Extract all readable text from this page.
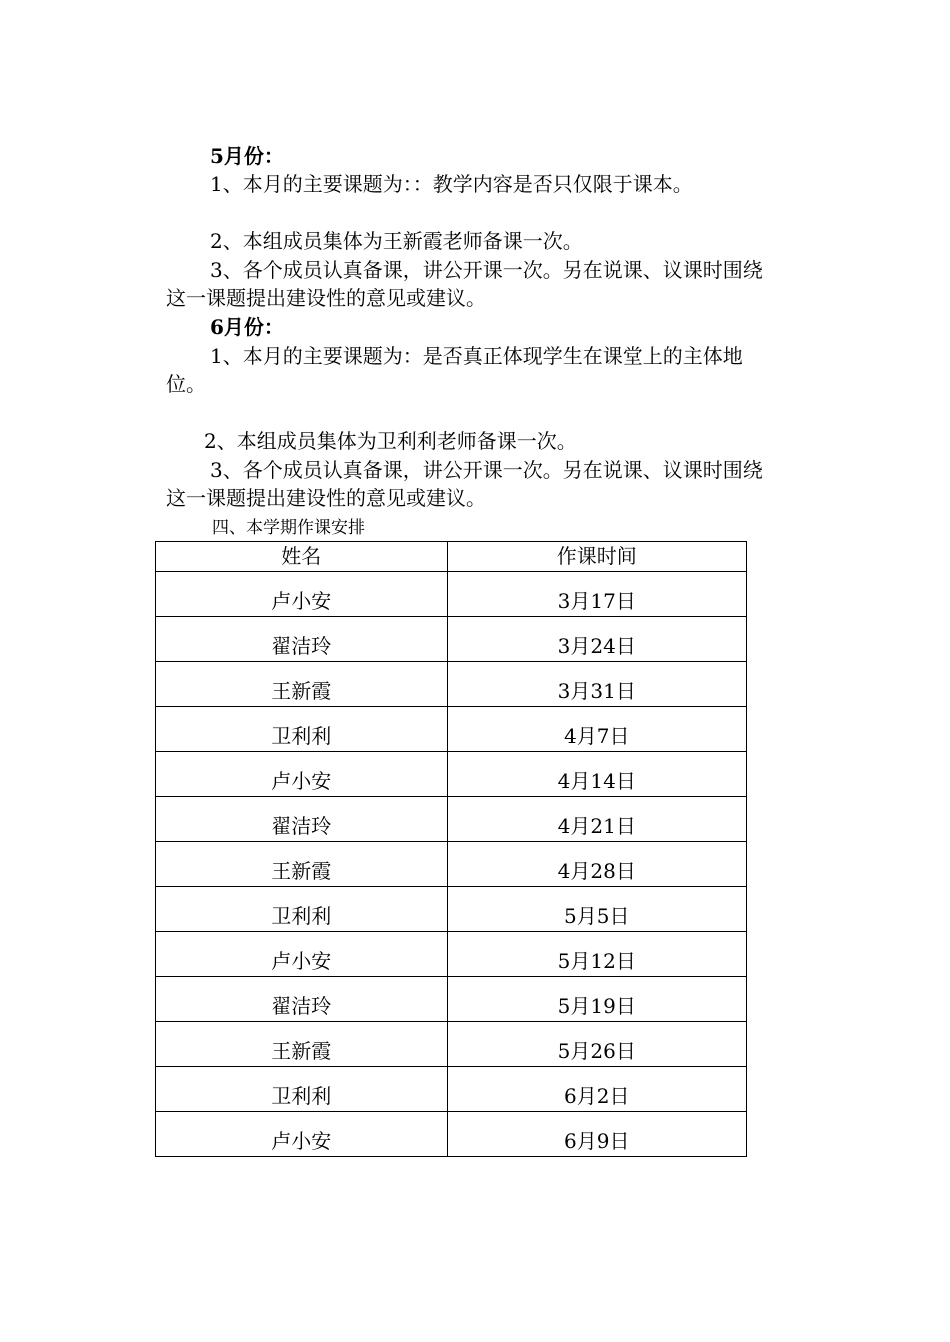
5月份：
1、本月的主要课题为：：教学内容是否只仅限于课本。
2、本组成员集体为王新霞老师备课一次。
3、各个成员认真备课，讲公开课一次。另在说课、议课时围绕
这一课题提出建设性的意见或建议。
6月份：
1、本月的主要课题为：是否真正体现学生在课堂上的主体地
位。
2、本组成员集体为卫利利老师备课一次。
3、各个成员认真备课，讲公开课一次。另在说课、议课时围绕
这一课题提出建设性的意见或建议。
四、本学期作课安排
姓名	作课时间
卢小安	3月17日
翟洁玲	3月24日
王新霞	3月31日
卫利利	4月7日
卢小安	4月14日
翟洁玲	4月21日
王新霞	4月28日
卫利利	5月5日
卢小安	5月12日
翟洁玲	5月19日
王新霞	5月26日
卫利利	6月2日
卢小安	6月9日
